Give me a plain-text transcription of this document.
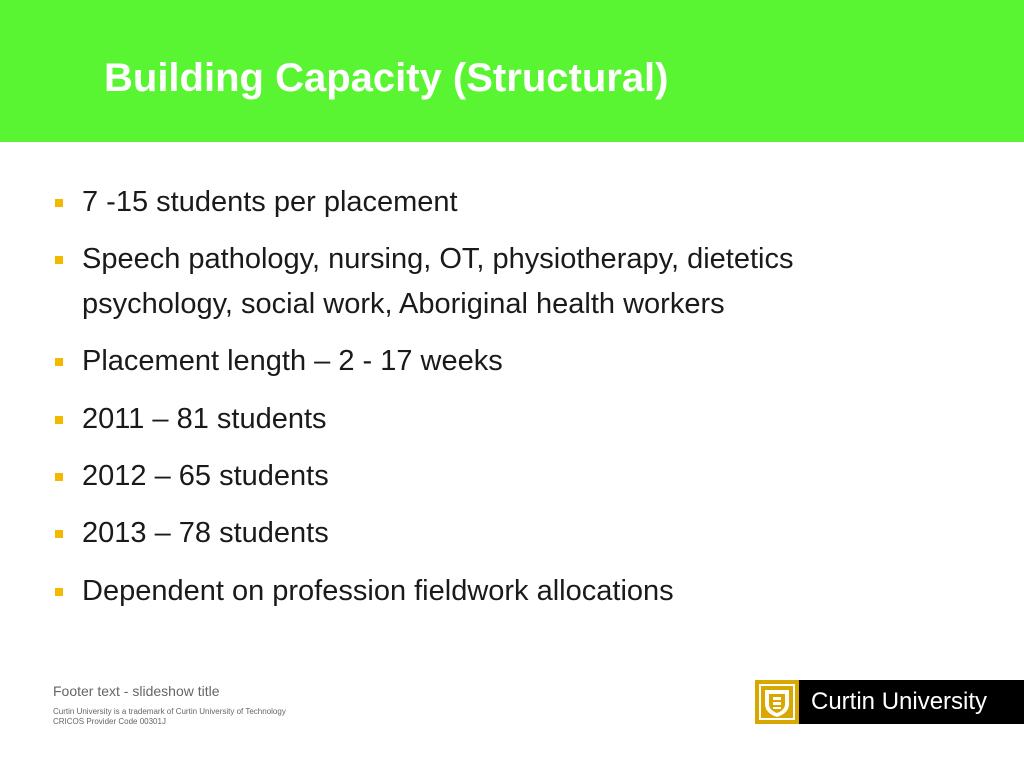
Building Capacity (Structural)
7 -15 students per placement
Speech pathology, nursing, OT, physiotherapy, dietetics
psychology, social work, Aboriginal health workers
Placement length – 2 - 17 weeks
2011 – 81 students
2012 – 65 students
2013 – 78 students
Dependent on profession fieldwork allocations
Footer text - slideshow title
Curtin University is a trademark of Curtin University of Technology
CRICOS Provider Code 00301J
Curtin University
